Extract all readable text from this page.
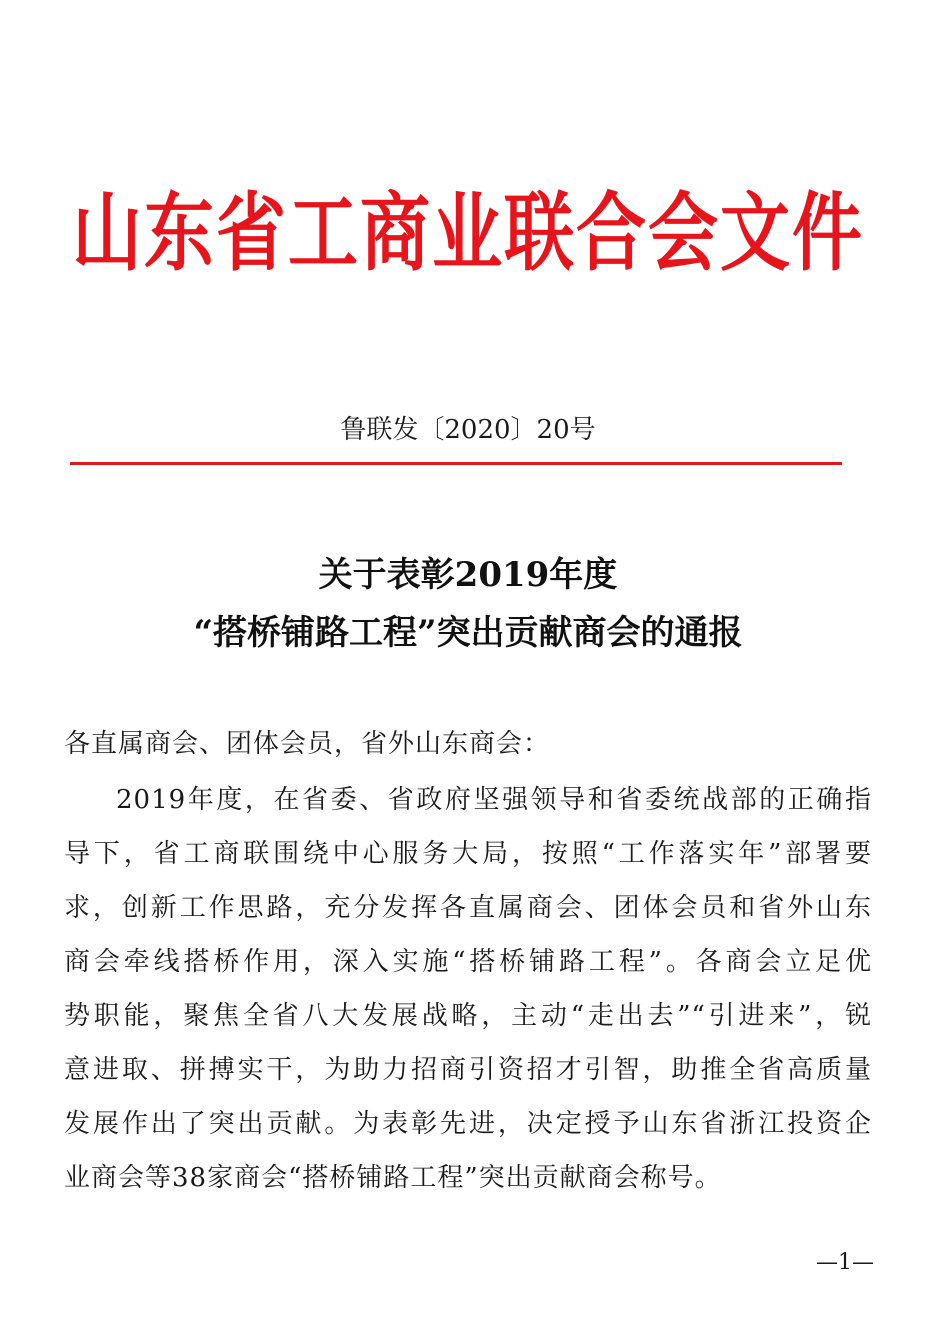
山东省工商业联合会文件
鲁联发〔2020〕20号
关于表彰2019年度
“搭桥铺路工程”突出贡献商会的通报
各直属商会、团体会员，省外山东商会：
2019年度，在省委、省政府坚强领导和省委统战部的正确指
导下，省工商联围绕中心服务大局，按照“工作落实年”部署要
求，创新工作思路，充分发挥各直属商会、团体会员和省外山东
商会牵线搭桥作用，深入实施“搭桥铺路工程”。各商会立足优
势职能，聚焦全省八大发展战略，主动“走出去”“引进来”，锐
意进取、拼搏实干，为助力招商引资招才引智，助推全省高质量
发展作出了突出贡献。为表彰先进，决定授予山东省浙江投资企
业商会等38家商会“搭桥铺路工程”突出贡献商会称号。
—1—
